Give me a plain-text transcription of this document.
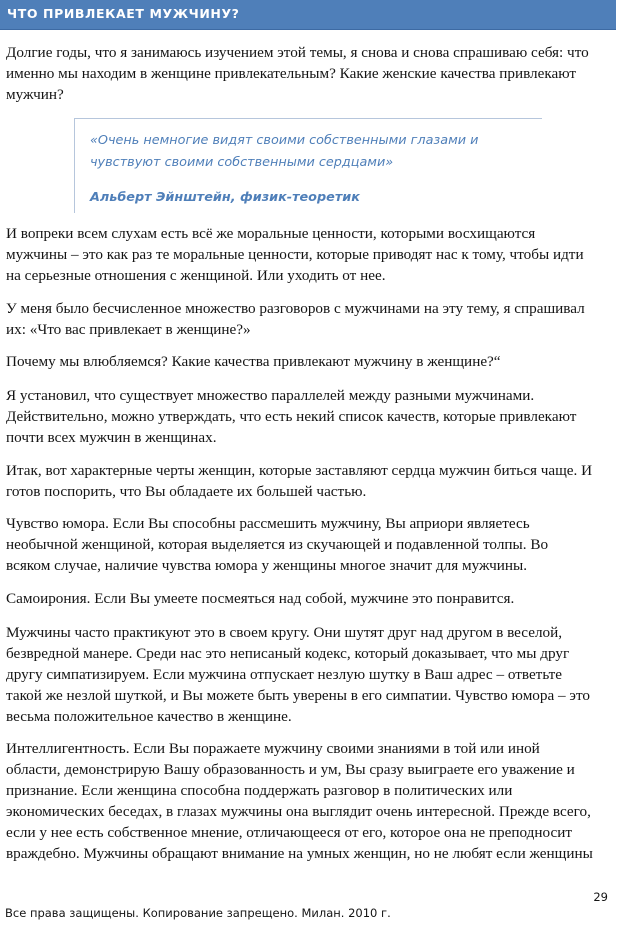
ЧТО ПРИВЛЕКАЕТ МУЖЧИНУ?
Долгие годы, что я занимаюсь изучением этой темы, я снова и снова спрашиваю себя: что
именно мы находим в женщине привлекательным? Какие женские качества привлекают
мужчин?
«Очень немногие видят своими собственными глазами и
чувствуют своими собственными сердцами»
Альберт Эйнштейн, физик-теоретик
И вопреки всем слухам есть всё же моральные ценности, которыми восхищаются
мужчины – это как раз те моральные ценности, которые приводят нас к тому, чтобы идти
на серьезные отношения с женщиной. Или уходить от нее.
У меня было бесчисленное множество разговоров с мужчинами на эту тему, я спрашивал
их: «Что вас привлекает в женщине?»
Почему мы влюбляемся? Какие качества привлекают мужчину в женщине?“
Я установил, что существует множество параллелей между разными мужчинами.
Действительно, можно утверждать, что есть некий список качеств, которые привлекают
почти всех мужчин в женщинах.
Итак, вот характерные черты женщин, которые заставляют сердца мужчин биться чаще. И
готов поспорить, что Вы обладаете их большей частью.
Чувство юмора. Если Вы способны рассмешить мужчину, Вы априори являетесь
необычной женщиной, которая выделяется из скучающей и подавленной толпы. Во
всяком случае, наличие чувства юмора у женщины многое значит для мужчины.
Самоирония. Если Вы умеете посмеяться над собой, мужчине это понравится.
Мужчины часто практикуют это в своем кругу. Они шутят друг над другом в веселой,
безвредной манере. Среди нас это неписаный кодекс, который доказывает, что мы друг
другу симпатизируем. Если мужчина отпускает незлую шутку в Ваш адрес – ответьте
такой же незлой шуткой, и Вы можете быть уверены в его симпатии. Чувство юмора – это
весьма положительное качество в женщине.
Интеллигентность. Если Вы поражаете мужчину своими знаниями в той или иной
области, демонстрирую Вашу образованность и ум, Вы сразу выиграете его уважение и
признание. Если женщина способна поддержать разговор в политических или
экономических беседах, в глазах мужчины она выглядит очень интересной. Прежде всего,
если у нее есть собственное мнение, отличающееся от его, которое она не преподносит
враждебно. Мужчины обращают внимание на умных женщин, но не любят если женщины
Все права защищены. Копирование запрещено. Милан. 2010 г.
29
